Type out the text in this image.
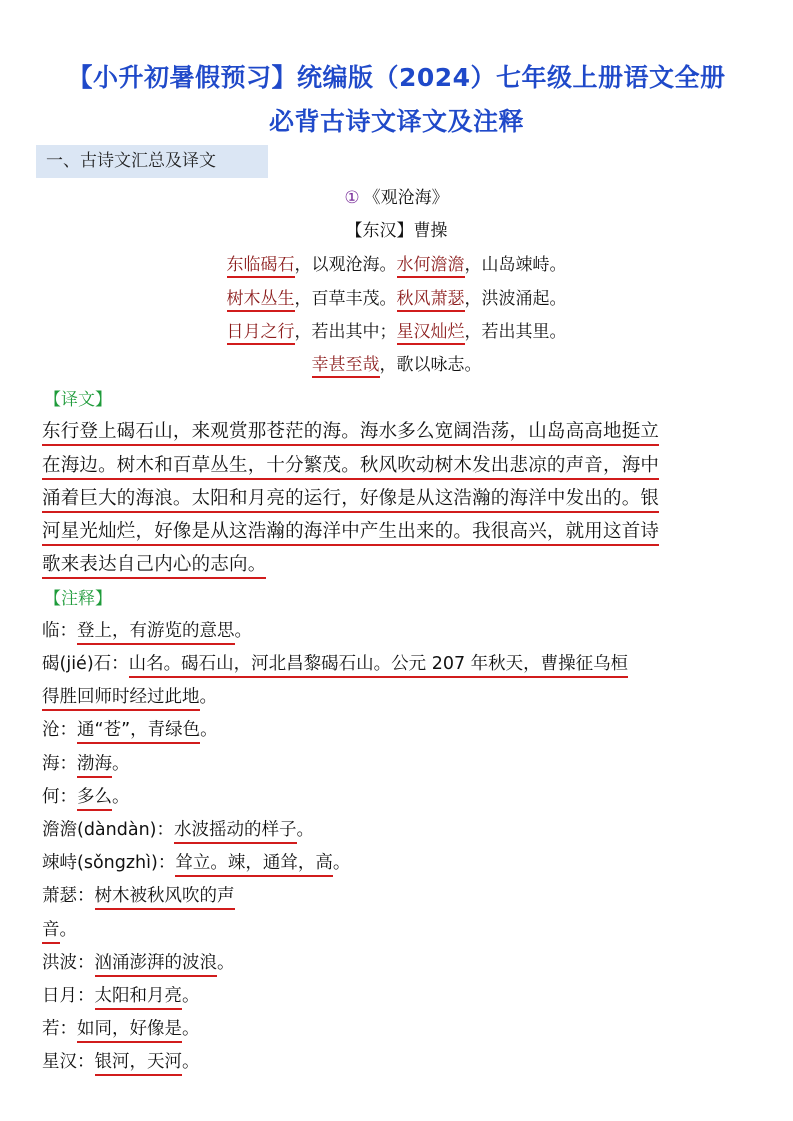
【小升初暑假预习】统编版（2024）七年级上册语文全册
必背古诗文译文及注释
一、古诗文汇总及译文
① 《观沧海》
【东汉】曹操
东临碣石，以观沧海。水何澹澹，山岛竦峙。
树木丛生，百草丰茂。秋风萧瑟，洪波涌起。
日月之行，若出其中；星汉灿烂，若出其里。
幸甚至哉，歌以咏志。
【译文】
东行登上碣石山，来观赏那苍茫的海。海水多么宽阔浩荡，山岛高高地挺立
在海边。树木和百草丛生，十分繁茂。秋风吹动树木发出悲凉的声音，海中
涌着巨大的海浪。太阳和月亮的运行，好像是从这浩瀚的海洋中发出的。银
河星光灿烂，好像是从这浩瀚的海洋中产生出来的。我很高兴，就用这首诗
歌来表达自己内心的志向。
【注释】
临：登上，有游览的意思。
碣(jié)石：山名。碣石山，河北昌黎碣石山。公元 207 年秋天，曹操征乌桓
得胜回师时经过此地。
沧：通“苍”，青绿色。
海：渤海。
何：多么。
澹澹(dàndàn)：水波摇动的样子。
竦峙(sǒngzhì)：耸立。竦，通耸，高。
萧瑟：树木被秋风吹的声
音。
洪波：汹涌澎湃的波浪。
日月：太阳和月亮。
若：如同，好像是。
星汉：银河，天河。
